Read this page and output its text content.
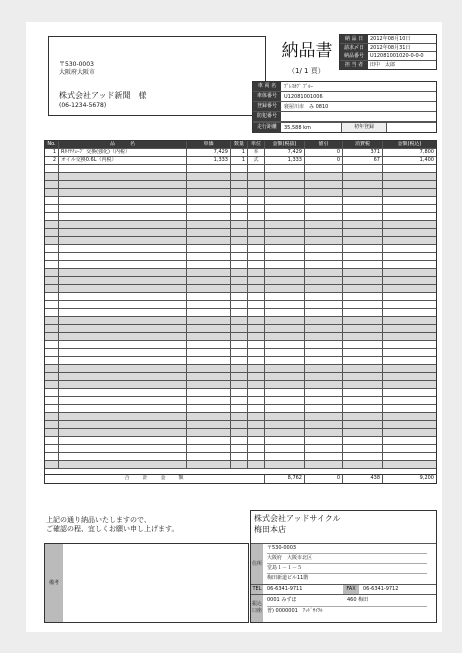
〒530-0003
大阪府大阪市
株式会社アッド新聞　様
(06-1234-5678)
納品書
（1/ 1 頁）
納 品 日	2012年08月10日
請求〆日	2012年08月31日
納品番号	U12081001020-0-0-0
担 当 者	田中　太郎
車 両 名	ﾌﾟﾚｽｶﾌﾞ ﾌﾟﾙｰ
車体番号	U12081001006
登録番号	寝屋川市　み 0810
防犯番号
走行距離	35,588 km	初年登録
No.	品　　　名	単価	数量	単位	金額(税抜)	値引	消費税	金額(税込)
1	Rﾀｲﾔﾁｭｰﾌﾞ 交換(強化)（内税）	7,429	1	本	7,429	0	371	7,800
2	オイル交換0.6L（内税）	1,333	1	式	1,333	0	67	1,400
合　　計　　金　　額	8,762	0	438	9,200
上記の通り納品いたしますので、
ご確認の程、宜しくお願い申し上げます。
備考
株式会社アッドサイクル
梅田本店
住所
〒530-0003
大阪府　大阪市北区
堂島１－１－５
梅田新道ビル11階
TEL	06-6341-9711	FAX	06-6341-9712
振込口座
0001 みずほ	460 梅田
普) 0000001　ｱｯﾄﾞｻｲｸﾙ
